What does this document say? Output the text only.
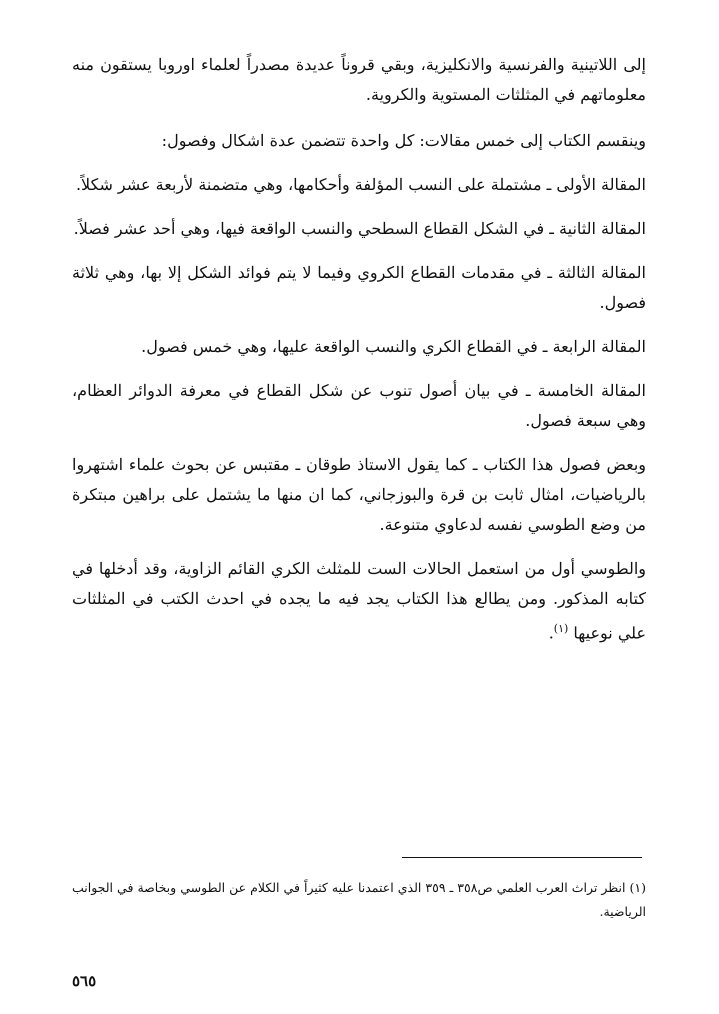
إلى اللاتينية والفرنسية والانكليزية، وبقي قروناً عديدة مصدراً لعلماء اوروبا يستقون منه معلوماتهم في المثلثات المستوية والكروية.

وينقسم الكتاب إلى خمس مقالات: كل واحدة تتضمن عدة اشكال وفصول:

المقالة الأولى ـ مشتملة على النسب المؤلفة وأحكامها، وهي متضمنة لأربعة عشر شكلاً.

المقالة الثانية ـ في الشكل القطاع السطحي والنسب الواقعة فيها، وهي أحد عشر فصلاً.

المقالة الثالثة ـ في مقدمات القطاع الكروي وفيما لا يتم فوائد الشكل إلا بها، وهي ثلاثة فصول.

المقالة الرابعة ـ في القطاع الكري والنسب الواقعة عليها، وهي خمس فصول.

المقالة الخامسة ـ في بيان أصول تنوب عن شكل القطاع في معرفة الدوائر العظام، وهي سبعة فصول.

وبعض فصول هذا الكتاب ـ كما يقول الاستاذ طوقان ـ مقتبس عن بحوث علماء اشتهروا بالرياضيات، امثال ثابت بن قرة والبوزجاني، كما ان منها ما يشتمل على براهين مبتكرة من وضع الطوسي نفسه لدعاوي متنوعة.

والطوسي أول من استعمل الحالات الست للمثلث الكري القائم الزاوية، وقد أدخلها في كتابه المذكور. ومن يطالع هذا الكتاب يجد فيه ما يجده في احدث الكتب في المثلثات علي نوعيها $^{(١)}$.

(١) انظر تراث العرب العلمي ص٣٥٨ ـ ٣٥٩ الذي اعتمدنا عليه كثيراً في الكلام عن الطوسي وبخاصة في الجوانب الرياضية.

٥٦٥
